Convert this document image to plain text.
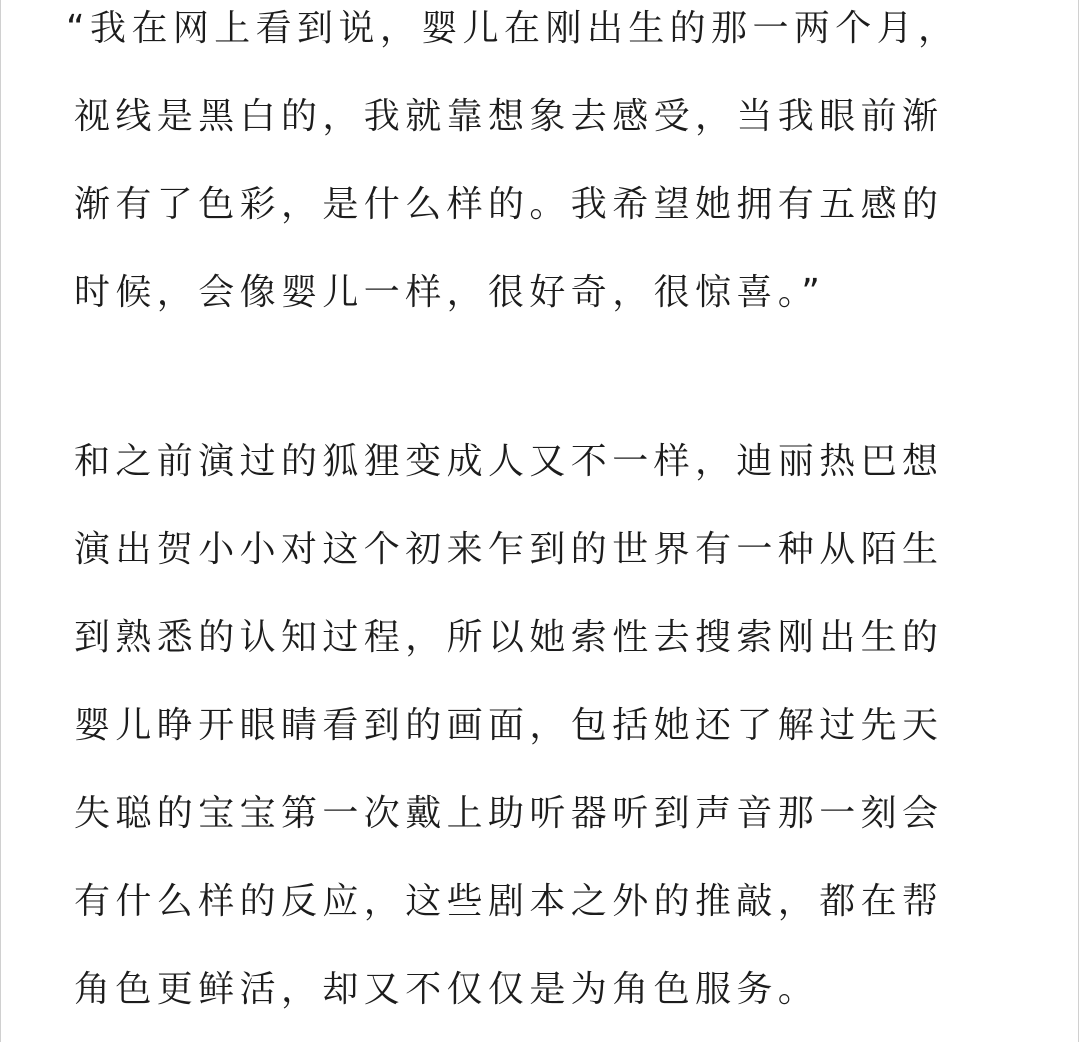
“我在网上看到说，婴儿在刚出生的那一两个月，
视线是黑白的，我就靠想象去感受，当我眼前渐
渐有了色彩，是什么样的。我希望她拥有五感的
时候，会像婴儿一样，很好奇，很惊喜。”
和之前演过的狐狸变成人又不一样，迪丽热巴想
演出贺小小对这个初来乍到的世界有一种从陌生
到熟悉的认知过程，所以她索性去搜索刚出生的
婴儿睁开眼睛看到的画面，包括她还了解过先天
失聪的宝宝第一次戴上助听器听到声音那一刻会
有什么样的反应，这些剧本之外的推敲，都在帮
角色更鲜活，却又不仅仅是为角色服务。
